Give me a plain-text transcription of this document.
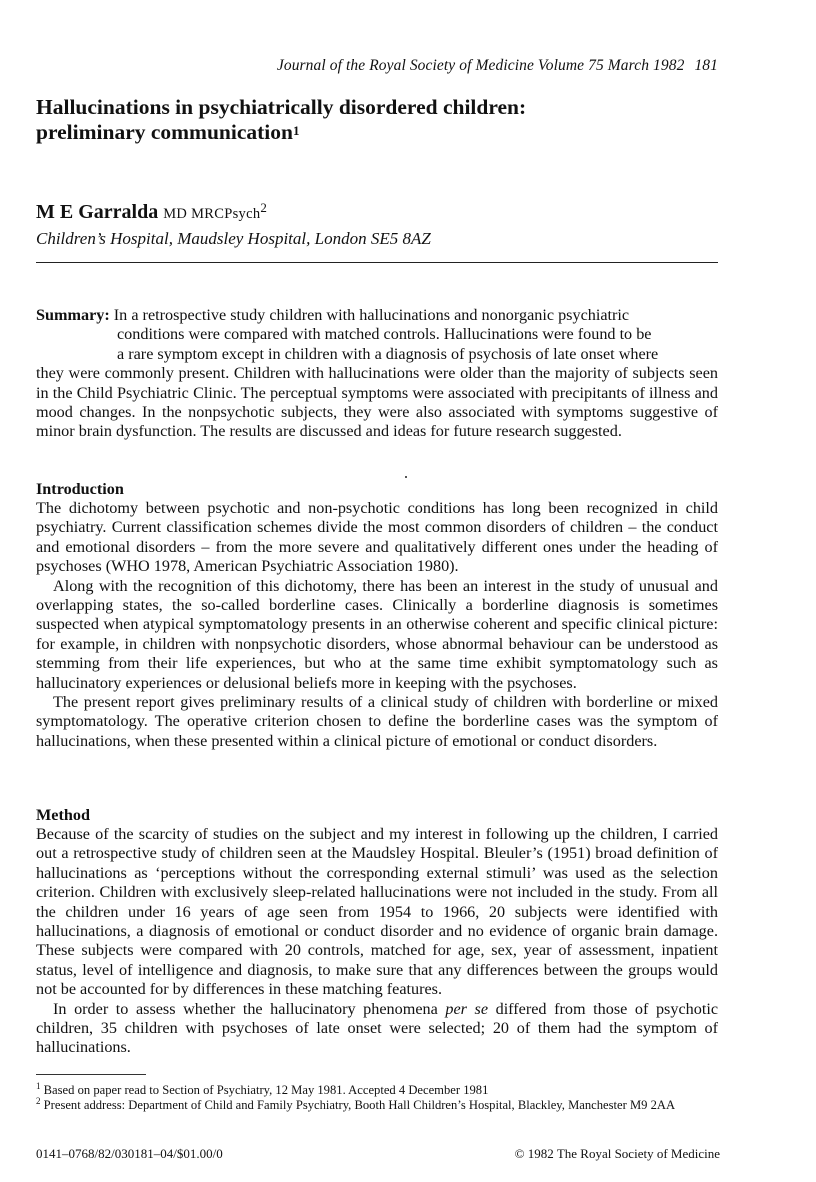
Journal of the Royal Society of Medicine Volume 75 March 1982 181
Hallucinations in psychiatrically disordered children: preliminary communication$^1$
M E Garralda MD MRCPsych$^2$
Children’s Hospital, Maudsley Hospital, London SE5 8AZ
Summary: In a retrospective study children with hallucinations and nonorganic psychiatric
conditions were compared with matched controls. Hallucinations were found to be
a rare symptom except in children with a diagnosis of psychosis of late onset where
they were commonly present. Children with hallucinations were older than the majority of subjects seen in the Child Psychiatric Clinic. The perceptual symptoms were associated with precipitants of illness and mood changes. In the nonpsychotic subjects, they were also associated with symptoms suggestive of minor brain dysfunction. The results are discussed and ideas for future research suggested.
Introduction

The dichotomy between psychotic and non-psychotic conditions has long been recognized in child psychiatry. Current classification schemes divide the most common disorders of children – the conduct and emotional disorders – from the more severe and qualitatively different ones under the heading of psychoses (WHO 1978, American Psychiatric Association 1980).

Along with the recognition of this dichotomy, there has been an interest in the study of unusual and overlapping states, the so-called borderline cases. Clinically a borderline diagnosis is sometimes suspected when atypical symptomatology presents in an otherwise coherent and specific clinical picture: for example, in children with nonpsychotic disorders, whose abnormal behaviour can be understood as stemming from their life experiences, but who at the same time exhibit symptomatology such as hallucinatory experiences or delusional beliefs more in keeping with the psychoses.

The present report gives preliminary results of a clinical study of children with borderline or mixed symptomatology. The operative criterion chosen to define the borderline cases was the symptom of hallucinations, when these presented within a clinical picture of emotional or conduct disorders.

Method

Because of the scarcity of studies on the subject and my interest in following up the children, I carried out a retrospective study of children seen at the Maudsley Hospital. Bleuler’s (1951) broad definition of hallucinations as ‘perceptions without the corresponding external stimuli’ was used as the selection criterion. Children with exclusively sleep-related hallucinations were not included in the study. From all the children under 16 years of age seen from 1954 to 1966, 20 subjects were identified with hallucinations, a diagnosis of emotional or conduct disorder and no evidence of organic brain damage. These subjects were compared with 20 controls, matched for age, sex, year of assessment, inpatient status, level of intelligence and diagnosis, to make sure that any differences between the groups would not be accounted for by differences in these matching features.

In order to assess whether the hallucinatory phenomena per se differed from those of psychotic children, 35 children with psychoses of late onset were selected; 20 of them had the symptom of hallucinations.

$^1$ Based on paper read to Section of Psychiatry, 12 May 1981. Accepted 4 December 1981
$^2$ Present address: Department of Child and Family Psychiatry, Booth Hall Children’s Hospital, Blackley, Manchester M9 2AA
0141–0768/82/030181–04/$01.00/0	© 1982 The Royal Society of Medicine
